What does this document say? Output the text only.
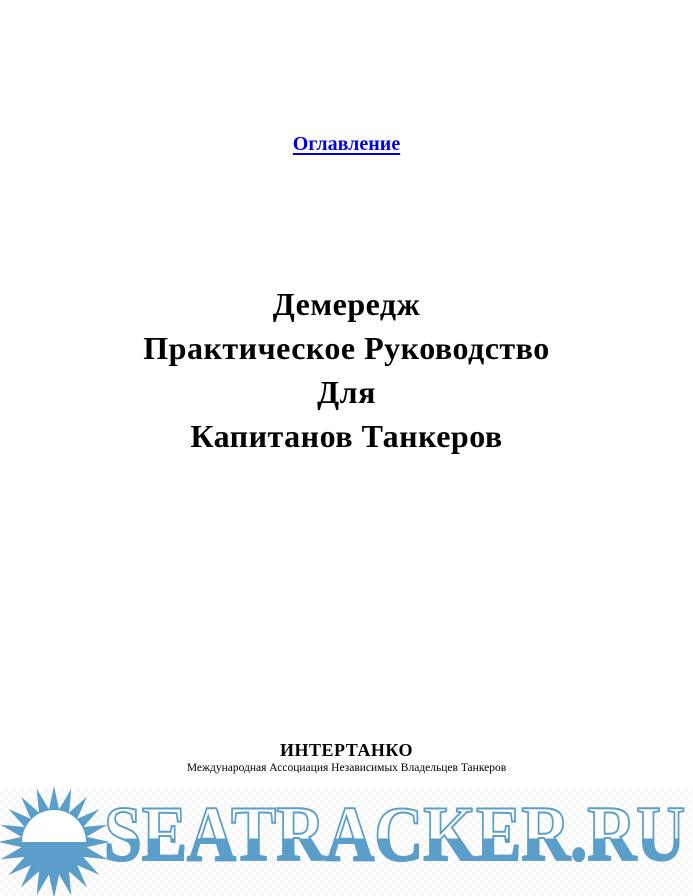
Оглавление
Демередж
Практическое Руководство
Для
Капитанов Танкеров
ИНТЕРТАНКО
Международная Ассоциация Независимых Владельцев Танкеров
SEATRACKER.RU
